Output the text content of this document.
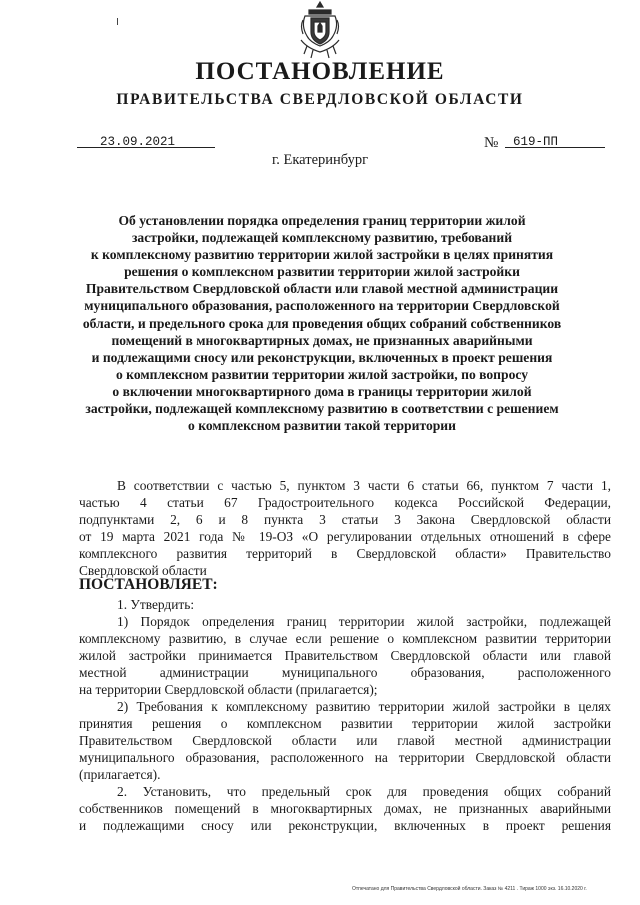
ПОСТАНОВЛЕНИЕ
ПРАВИТЕЛЬСТВА СВЕРДЛОВСКОЙ ОБЛАСТИ
23.09.2021	№ 619-ПП
г. Екатеринбург
Об установлении порядка определения границ территории жилой
застройки, подлежащей комплексному развитию, требований
к комплексному развитию территории жилой застройки в целях принятия
решения о комплексном развитии территории жилой застройки
Правительством Свердловской области или главой местной администрации
муниципального образования, расположенного на территории Свердловской
области, и предельного срока для проведения общих собраний собственников
помещений в многоквартирных домах, не признанных аварийными
и подлежащими сносу или реконструкции, включенных в проект решения
о комплексном развитии территории жилой застройки, по вопросу
о включении многоквартирного дома в границы территории жилой
застройки, подлежащей комплексному развитию в соответствии с решением
о комплексном развитии такой территории
В соответствии с частью 5, пунктом 3 части 6 статьи 66, пунктом 7 части 1,
частью 4 статьи 67 Градостроительного кодекса Российской Федерации,
подпунктами 2, 6 и 8 пункта 3 статьи 3 Закона Свердловской области
от 19 марта 2021 года № 19-ОЗ «О регулировании отдельных отношений в сфере
комплексного развития территорий в Свердловской области» Правительство
Свердловской области
ПОСТАНОВЛЯЕТ:
1. Утвердить:
1) Порядок определения границ территории жилой застройки, подлежащей
комплексному развитию, в случае если решение о комплексном развитии территории
жилой застройки принимается Правительством Свердловской области или главой
местной администрации муниципального образования, расположенного
на территории Свердловской области (прилагается);
2) Требования к комплексному развитию территории жилой застройки в целях
принятия решения о комплексном развитии территории жилой застройки
Правительством Свердловской области или главой местной администрации
муниципального образования, расположенного на территории Свердловской области
(прилагается).
2. Установить, что предельный срок для проведения общих собраний
собственников помещений в многоквартирных домах, не признанных аварийными
и подлежащими сносу или реконструкции, включенных в проект решения
Отпечатано для Правительства Свердловской области. Заказ № 4211 . Тираж 1000 экз. 16.10.2020 г.
